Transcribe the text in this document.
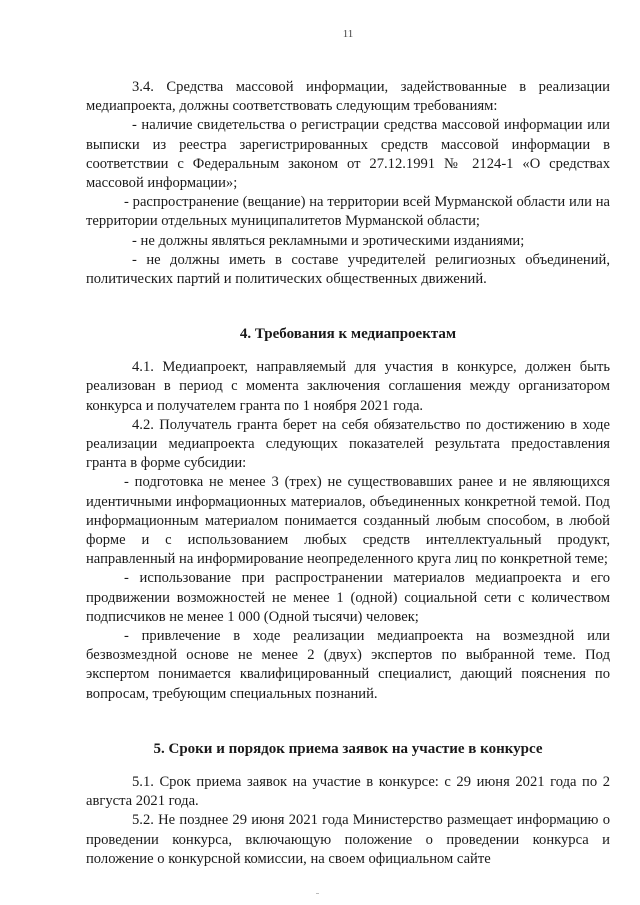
11

3.4. Средства массовой информации, задействованные в реализации медиапроекта, должны соответствовать следующим требованиям:

- наличие свидетельства о регистрации средства массовой информации или выписки из реестра зарегистрированных средств массовой информации в соответствии с Федеральным законом от 27.12.1991 № 2124-1 «О средствах массовой информации»;

- распространение (вещание) на территории всей Мурманской области или на территории отдельных муниципалитетов Мурманской области;

- не должны являться рекламными и эротическими изданиями;

- не должны иметь в составе учредителей религиозных объединений, политических партий и политических общественных движений.

4. Требования к медиапроектам

4.1. Медиапроект, направляемый для участия в конкурсе, должен быть реализован в период с момента заключения соглашения между организатором конкурса и получателем гранта по 1 ноября 2021 года.

4.2. Получатель гранта берет на себя обязательство по достижению в ходе реализации медиапроекта следующих показателей результата предоставления гранта в форме субсидии:

- подготовка не менее 3 (трех) не существовавших ранее и не являющихся идентичными информационных материалов, объединенных конкретной темой. Под информационным материалом понимается созданный любым способом, в любой форме и с использованием любых средств интеллектуальный продукт, направленный на информирование неопределенного круга лиц по конкретной теме;

- использование при распространении материалов медиапроекта и его продвижении возможностей не менее 1 (одной) социальной сети с количеством подписчиков не менее 1 000 (Одной тысячи) человек;

- привлечение в ходе реализации медиапроекта на возмездной или безвозмездной основе не менее 2 (двух) экспертов по выбранной теме. Под экспертом понимается квалифицированный специалист, дающий пояснения по вопросам, требующим специальных познаний.

5. Сроки и порядок приема заявок на участие в конкурсе

5.1. Срок приема заявок на участие в конкурсе: с 29 июня 2021 года по 2 августа 2021 года.

5.2. Не позднее 29 июня 2021 года Министерство размещает информацию о проведении конкурса, включающую положение о проведении конкурса и положение о конкурсной комиссии, на своем официальном сайте
